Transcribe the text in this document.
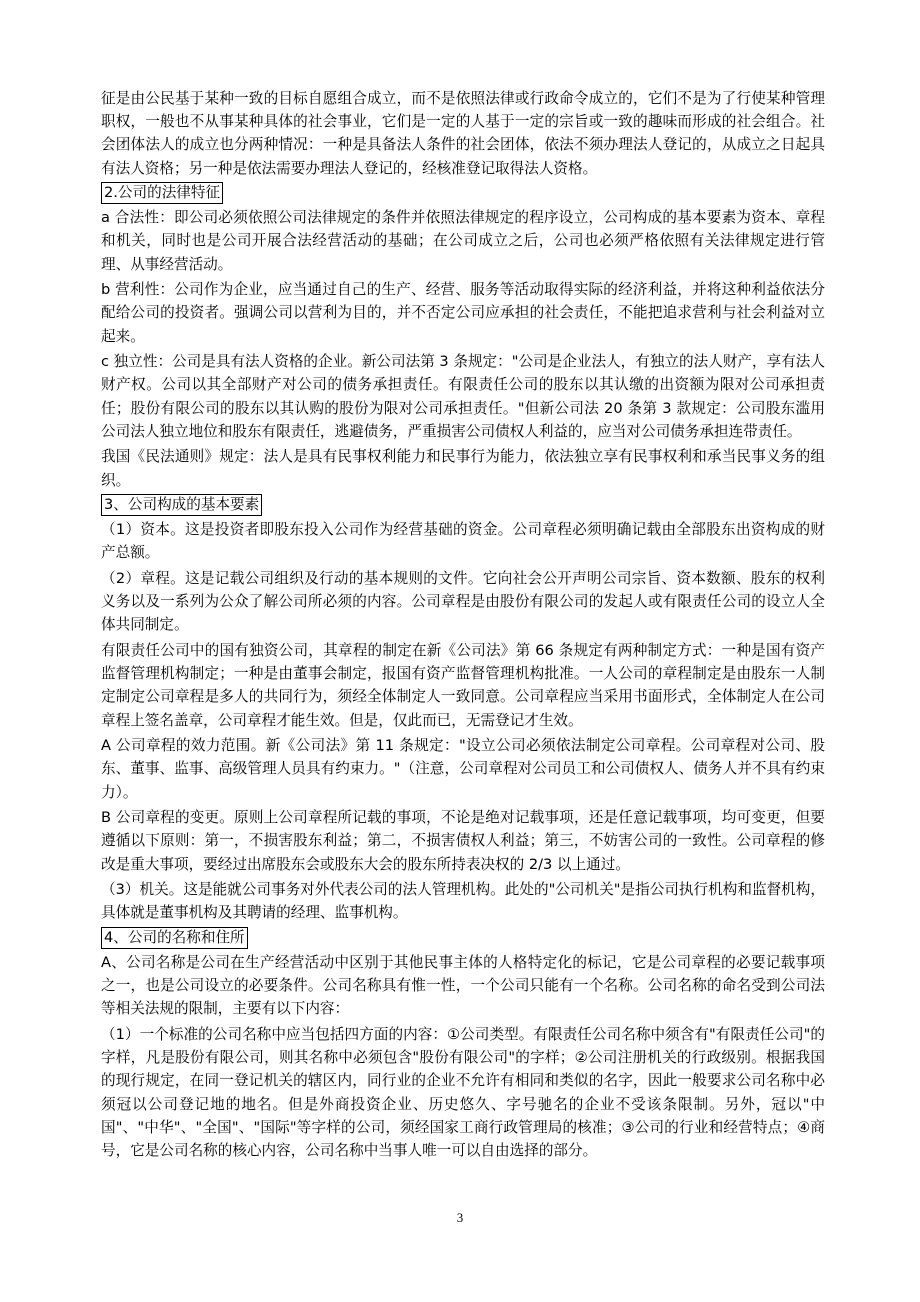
征是由公民基于某种一致的目标自愿组合成立，而不是依照法律或行政命令成立的，它们不是为了行使某种管理职权，一般也不从事某种具体的社会事业，它们是一定的人基于一定的宗旨或一致的趣味而形成的社会组合。社会团体法人的成立也分两种情况：一种是具备法人条件的社会团体，依法不须办理法人登记的，从成立之日起具有法人资格；另一种是依法需要办理法人登记的，经核准登记取得法人资格。

2.公司的法律特征

a 合法性：即公司必须依照公司法律规定的条件并依照法律规定的程序设立，公司构成的基本要素为资本、章程和机关，同时也是公司开展合法经营活动的基础；在公司成立之后，公司也必须严格依照有关法律规定进行管理、从事经营活动。

b 营利性：公司作为企业，应当通过自己的生产、经营、服务等活动取得实际的经济利益，并将这种利益依法分配给公司的投资者。强调公司以营利为目的，并不否定公司应承担的社会责任，不能把追求营利与社会利益对立起来。

c 独立性：公司是具有法人资格的企业。新公司法第 3 条规定："公司是企业法人，有独立的法人财产，享有法人财产权。公司以其全部财产对公司的债务承担责任。有限责任公司的股东以其认缴的出资额为限对公司承担责任；股份有限公司的股东以其认购的股份为限对公司承担责任。"但新公司法 20 条第 3 款规定：公司股东滥用公司法人独立地位和股东有限责任，逃避债务，严重损害公司债权人利益的，应当对公司债务承担连带责任。

我国《民法通则》规定：法人是具有民事权利能力和民事行为能力，依法独立享有民事权利和承当民事义务的组织。

3、公司构成的基本要素

（1）资本。这是投资者即股东投入公司作为经营基础的资金。公司章程必须明确记载由全部股东出资构成的财产总额。

（2）章程。这是记载公司组织及行动的基本规则的文件。它向社会公开声明公司宗旨、资本数额、股东的权利义务以及一系列为公众了解公司所必须的内容。公司章程是由股份有限公司的发起人或有限责任公司的设立人全体共同制定。

有限责任公司中的国有独资公司，其章程的制定在新《公司法》第 66 条规定有两种制定方式：一种是国有资产监督管理机构制定；一种是由董事会制定，报国有资产监督管理机构批准。一人公司的章程制定是由股东一人制定制定公司章程是多人的共同行为，须经全体制定人一致同意。公司章程应当采用书面形式，全体制定人在公司章程上签名盖章，公司章程才能生效。但是，仅此而已，无需登记才生效。

A 公司章程的效力范围。新《公司法》第 11 条规定："设立公司必须依法制定公司章程。公司章程对公司、股东、董事、监事、高级管理人员具有约束力。"（注意，公司章程对公司员工和公司债权人、债务人并不具有约束力）。

B 公司章程的变更。原则上公司章程所记载的事项，不论是绝对记载事项，还是任意记载事项，均可变更，但要遵循以下原则：第一，不损害股东利益；第二，不损害债权人利益；第三，不妨害公司的一致性。公司章程的修改是重大事项，要经过出席股东会或股东大会的股东所持表决权的 2/3 以上通过。

（3）机关。这是能就公司事务对外代表公司的法人管理机构。此处的"公司机关"是指公司执行机构和监督机构，具体就是董事机构及其聘请的经理、监事机构。

4、公司的名称和住所

A、公司名称是公司在生产经营活动中区别于其他民事主体的人格特定化的标记，它是公司章程的必要记载事项之一，也是公司设立的必要条件。公司名称具有惟一性，一个公司只能有一个名称。公司名称的命名受到公司法等相关法规的限制，主要有以下内容：

（1）一个标准的公司名称中应当包括四方面的内容：①公司类型。有限责任公司名称中须含有"有限责任公司"的字样，凡是股份有限公司，则其名称中必须包含"股份有限公司"的字样；②公司注册机关的行政级别。根据我国的现行规定，在同一登记机关的辖区内，同行业的企业不允许有相同和类似的名字，因此一般要求公司名称中必须冠以公司登记地的地名。但是外商投资企业、历史悠久、字号驰名的企业不受该条限制。另外，冠以"中国"、"中华"、"全国"、"国际"等字样的公司，须经国家工商行政管理局的核准；③公司的行业和经营特点；④商号，它是公司名称的核心内容，公司名称中当事人唯一可以自由选择的部分。

3
